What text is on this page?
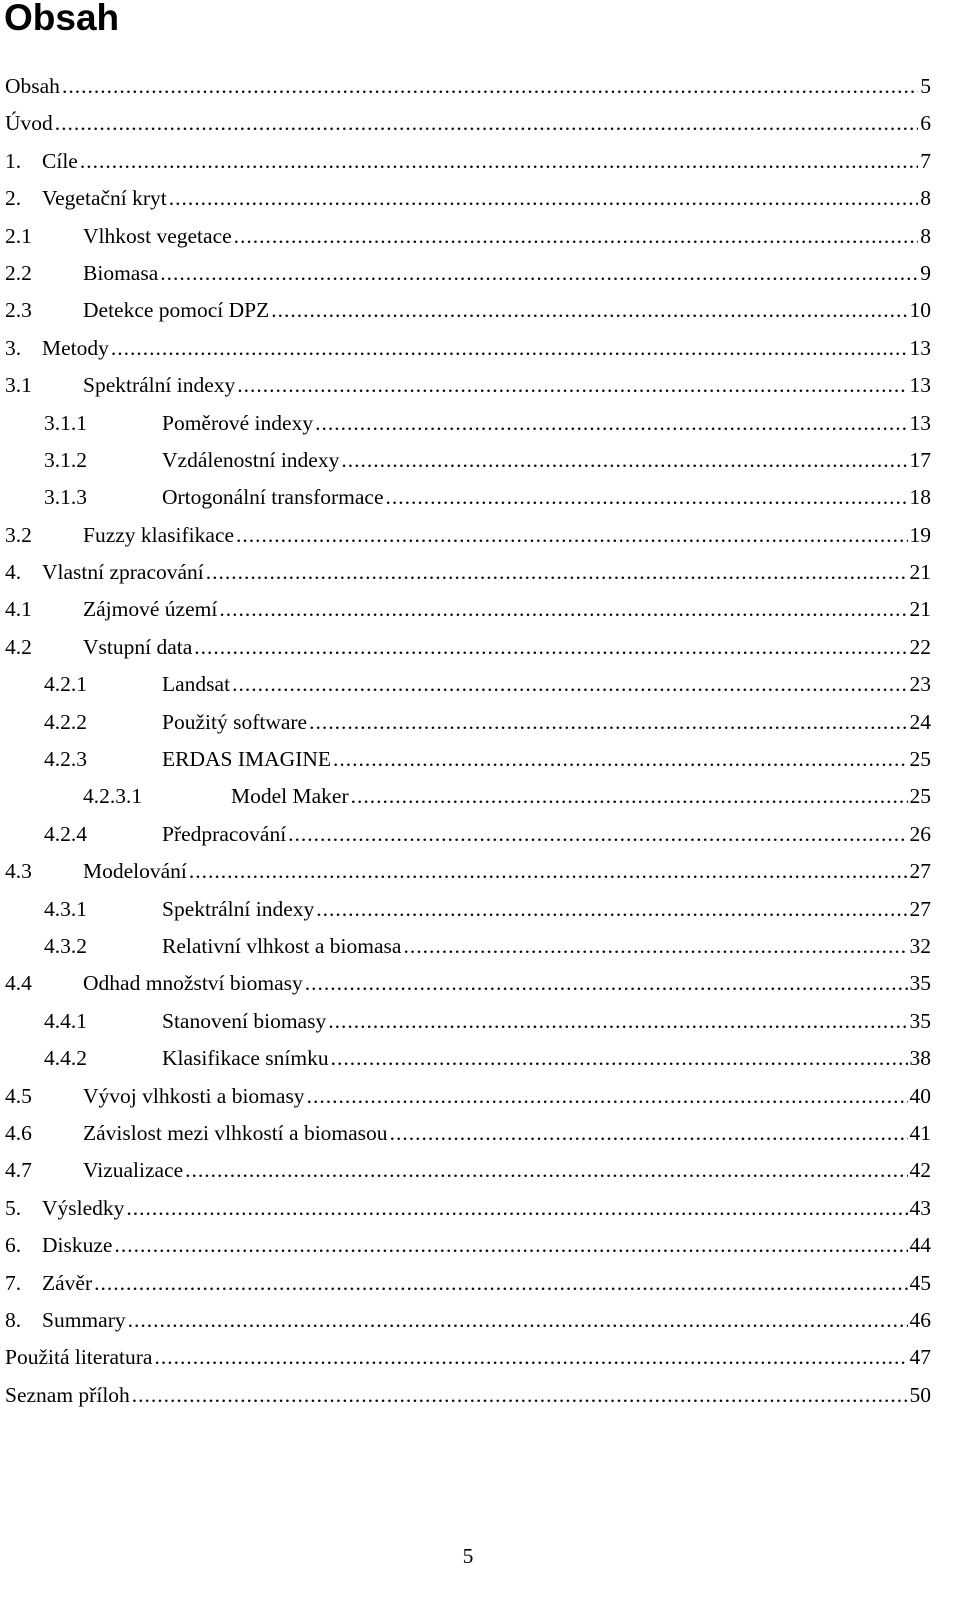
Obsah
Obsah .....	5
Úvod .....	6
1. Cíle .....	7
2. Vegetační kryt .....	8
2.1	Vlhkost vegetace .....	8
2.2	Biomasa .....	9
2.3	Detekce pomocí DPZ .....	10
3. Metody .....	13
3.1	Spektrální indexy .....	13
3.1.1	Poměrové indexy .....	13
3.1.2	Vzdálenostní indexy .....	17
3.1.3	Ortogonální transformace .....	18
3.2	Fuzzy klasifikace .....	19
4. Vlastní zpracování .....	21
4.1	Zájmové území .....	21
4.2	Vstupní data .....	22
4.2.1	Landsat .....	23
4.2.2	Použitý software .....	24
4.2.3	ERDAS IMAGINE .....	25
4.2.3.1	Model Maker .....	25
4.2.4	Předpracování .....	26
4.3	Modelování .....	27
4.3.1	Spektrální indexy .....	27
4.3.2	Relativní vlhkost a biomasa .....	32
4.4	Odhad množství biomasy .....	35
4.4.1	Stanovení biomasy .....	35
4.4.2	Klasifikace snímku .....	38
4.5	Vývoj vlhkosti a biomasy .....	40
4.6	Závislost mezi vlhkostí a biomasou .....	41
4.7	Vizualizace .....	42
5. Výsledky .....	43
6. Diskuze .....	44
7. Závěr .....	45
8. Summary .....	46
Použitá literatura .....	47
Seznam příloh .....	50
5
